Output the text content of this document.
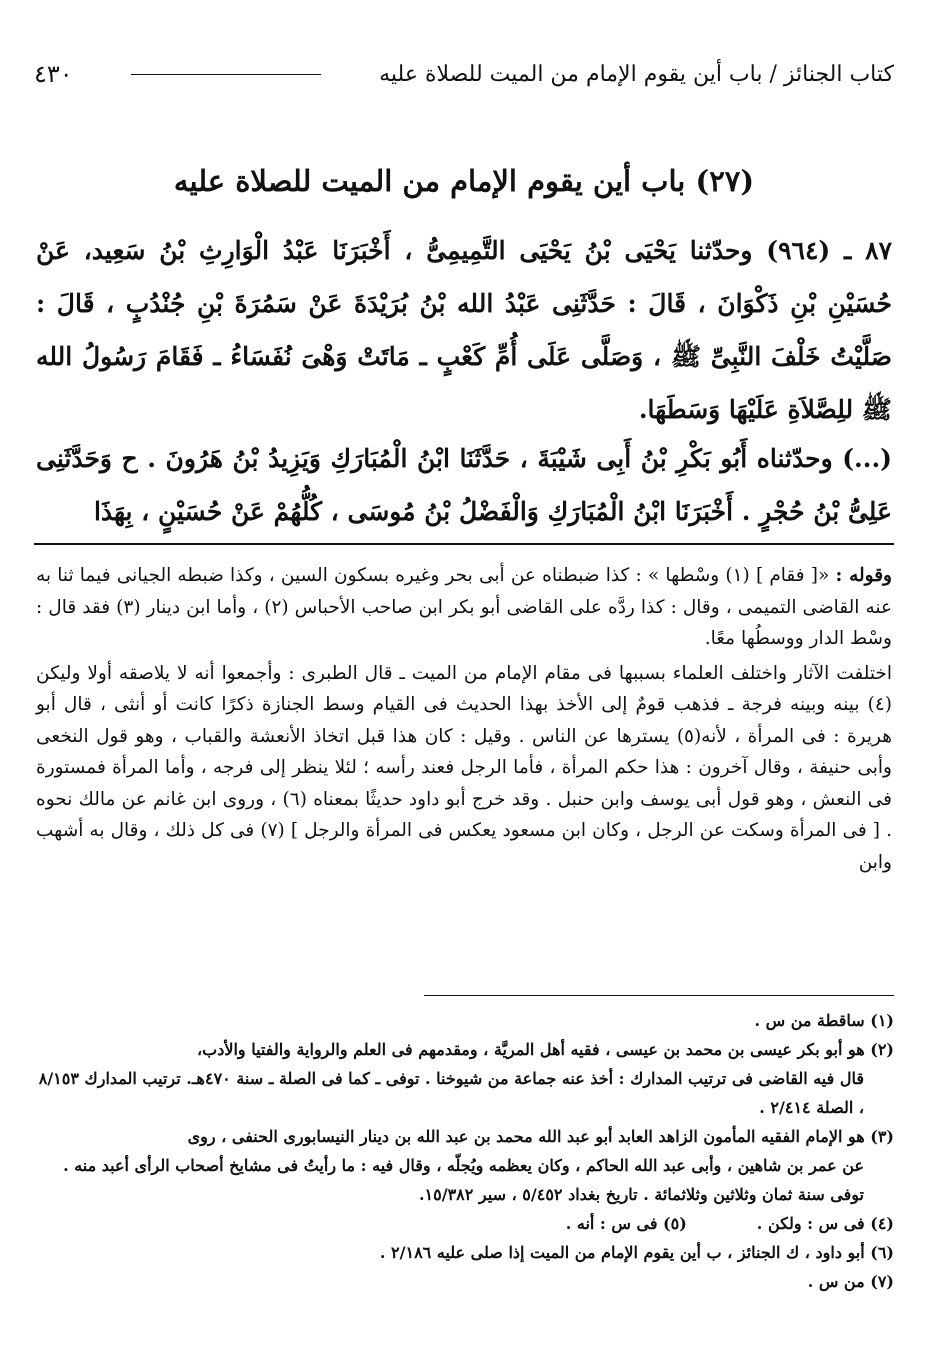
كتاب الجنائز / باب أين يقوم الإمام من الميت للصلاة عليه
٤٣٠
(٢٧) باب أين يقوم الإمام من الميت للصلاة عليه

٨٧ ـ (٩٦٤) وحدّثنا يَحْيَى بْنُ يَحْيَى التَّمِيمِىُّ ، أَخْبَرَنَا عَبْدُ الْوَارِثِ بْنُ سَعِيد، عَنْ حُسَيْنِ بْنِ ذَكْوَانَ ، قَالَ : حَدَّثَنِى عَبْدُ الله بْنُ بُرَيْدَةَ عَنْ سَمُرَةَ بْنِ جُنْدُبٍ ، قَالَ : صَلَّيْتُ خَلْفَ النَّبِىِّ ﷺ ، وَصَلَّى عَلَى أُمِّ كَعْبٍ ـ مَاتَتْ وَهْىَ نُفَسَاءُ ـ فَقَامَ رَسُولُ الله ﷺ للِصَّلاَةِ عَلَيْهَا وَسَطَهَا.

(...) وحدّثناه أَبُو بَكْرِ بْنُ أَبِى شَيْبَةَ ، حَدَّثَنَا ابْنُ الْمُبَارَكِ وَيَزِيدُ بْنُ هَرُونَ . ح وَحَدَّثَنِى عَلِىُّ بْنُ حُجْرٍ . أَخْبَرَنَا ابْنُ الْمُبَارَكِ وَالْفَضْلُ بْنُ مُوسَى ، كُلُّهُمْ عَنْ حُسَيْنٍ ، بِهَذَا

وقوله : «[ فقام ] (١) وسْطها » : كذا ضبطناه عن أبى بحر وغيره بسكون السين ، وكذا ضبطه الجيانى فيما ثنا به عنه القاضى التميمى ، وقال : كذا ردَّه على القاضى أبو بكر ابن صاحب الأحباس (٢) ، وأما ابن دينار (٣) فقد قال : وسْط الدار ووسطُها معًا.

اختلفت الآثار واختلف العلماء بسببها فى مقام الإمام من الميت ـ قال الطبرى : وأجمعوا أنه لا يلاصقه أولا وليكن (٤) بينه وبينه فرجة ـ فذهب قومٌ إلى الأخذ بهذا الحديث فى القيام وسط الجنازة ذكرًا كانت أو أنثى ، قال أبو هريرة : فى المرأة ، لأنه(٥) يسترها عن الناس . وقيل : كان هذا قبل اتخاذ الأنعشة والقباب ، وهو قول النخعى وأبى حنيفة ، وقال آخرون : هذا حكم المرأة ، فأما الرجل فعند رأسه ؛ لئلا ينظر إلى فرجه ، وأما المرأة فمستورة فى النعش ، وهو قول أبى يوسف وابن حنبل . وقد خرج أبو داود حديثًا بمعناه (٦) ، وروى ابن غانم عن مالك نحوه . [ فى المرأة وسكت عن الرجل ، وكان ابن مسعود يعكس فى المرأة والرجل ] (٧) فى كل ذلك ، وقال به أشهب وابن

(١) ساقطة من س .

(٢) هو أبو بكر عيسى بن محمد بن عيسى ، فقيه أهل المريَّة ، ومقدمهم فى العلم والرواية والفتيا والأدب،
قال فيه القاضى فى ترتيب المدارك : أخذ عنه جماعة من شيوخنا . توفى ـ كما فى الصلة ـ سنة ٤٧٠هـ. ترتيب المدارك ٨/١٥٣ ، الصلة ٢/٤١٤ .

(٣) هو الإمام الفقيه المأمون الزاهد العابد أبو عبد الله محمد بن عبد الله بن دينار النيسابورى الحنفى ، روى
عن عمر بن شاهين ، وأبى عبد الله الحاكم ، وكان يعظمه ويُجلّه ، وقال فيه : ما رأيتُ فى مشايخ أصحاب الرأى أعبد منه . توفى سنة ثمان وثلاثين وثلاثمائة . تاريخ بغداد ٥/٤٥٢ ، سير ١٥/٣٨٢.

(٤) فى س : ولكن .
(٥) فى س : أنه .

(٦) أبو داود ، ك الجنائز ، ب أين يقوم الإمام من الميت إذا صلى عليه ٢/١٨٦ .

(٧) من س .
